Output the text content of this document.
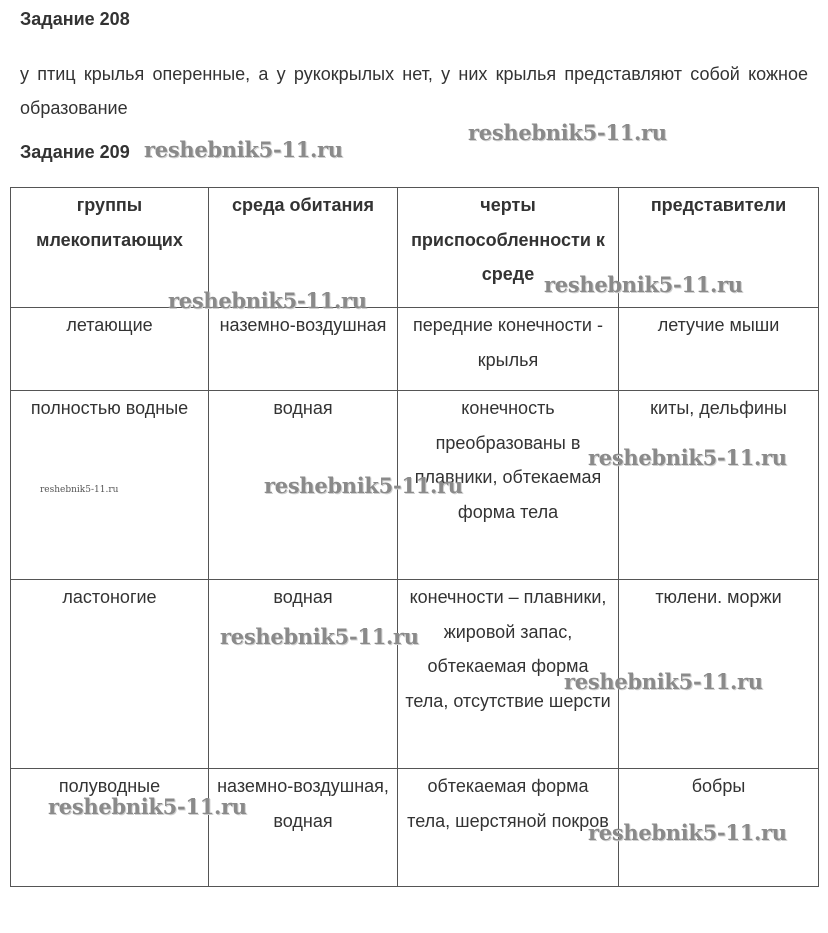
Задание 208

у птиц крылья оперенные, а у рукокрылых нет, у них крылья представляют собой кожное образование

Задание 209
группы млекопитающих	среда обитания	черты приспособленности к среде	представители
летающие	наземно-воздушная	передние конечности - крылья	летучие мыши
полностью водные	водная	конечность преобразованы в плавники, обтекаемая форма тела	киты, дельфины
ластоногие	водная	конечности – плавники, жировой запас, обтекаемая форма тела, отсутствие шерсти	тюлени. моржи
полуводные	наземно-воздушная, водная	обтекаемая форма тела, шерстяной покров	бобры
reshebnik5-11.ru
reshebnik5-11.ru
reshebnik5-11.ru
reshebnik5-11.ru
reshebnik5-11.ru
reshebnik5-11.ru
reshebnik5-11.ru
reshebnik5-11.ru
reshebnik5-11.ru
reshebnik5-11.ru
reshebnik5-11.ru
